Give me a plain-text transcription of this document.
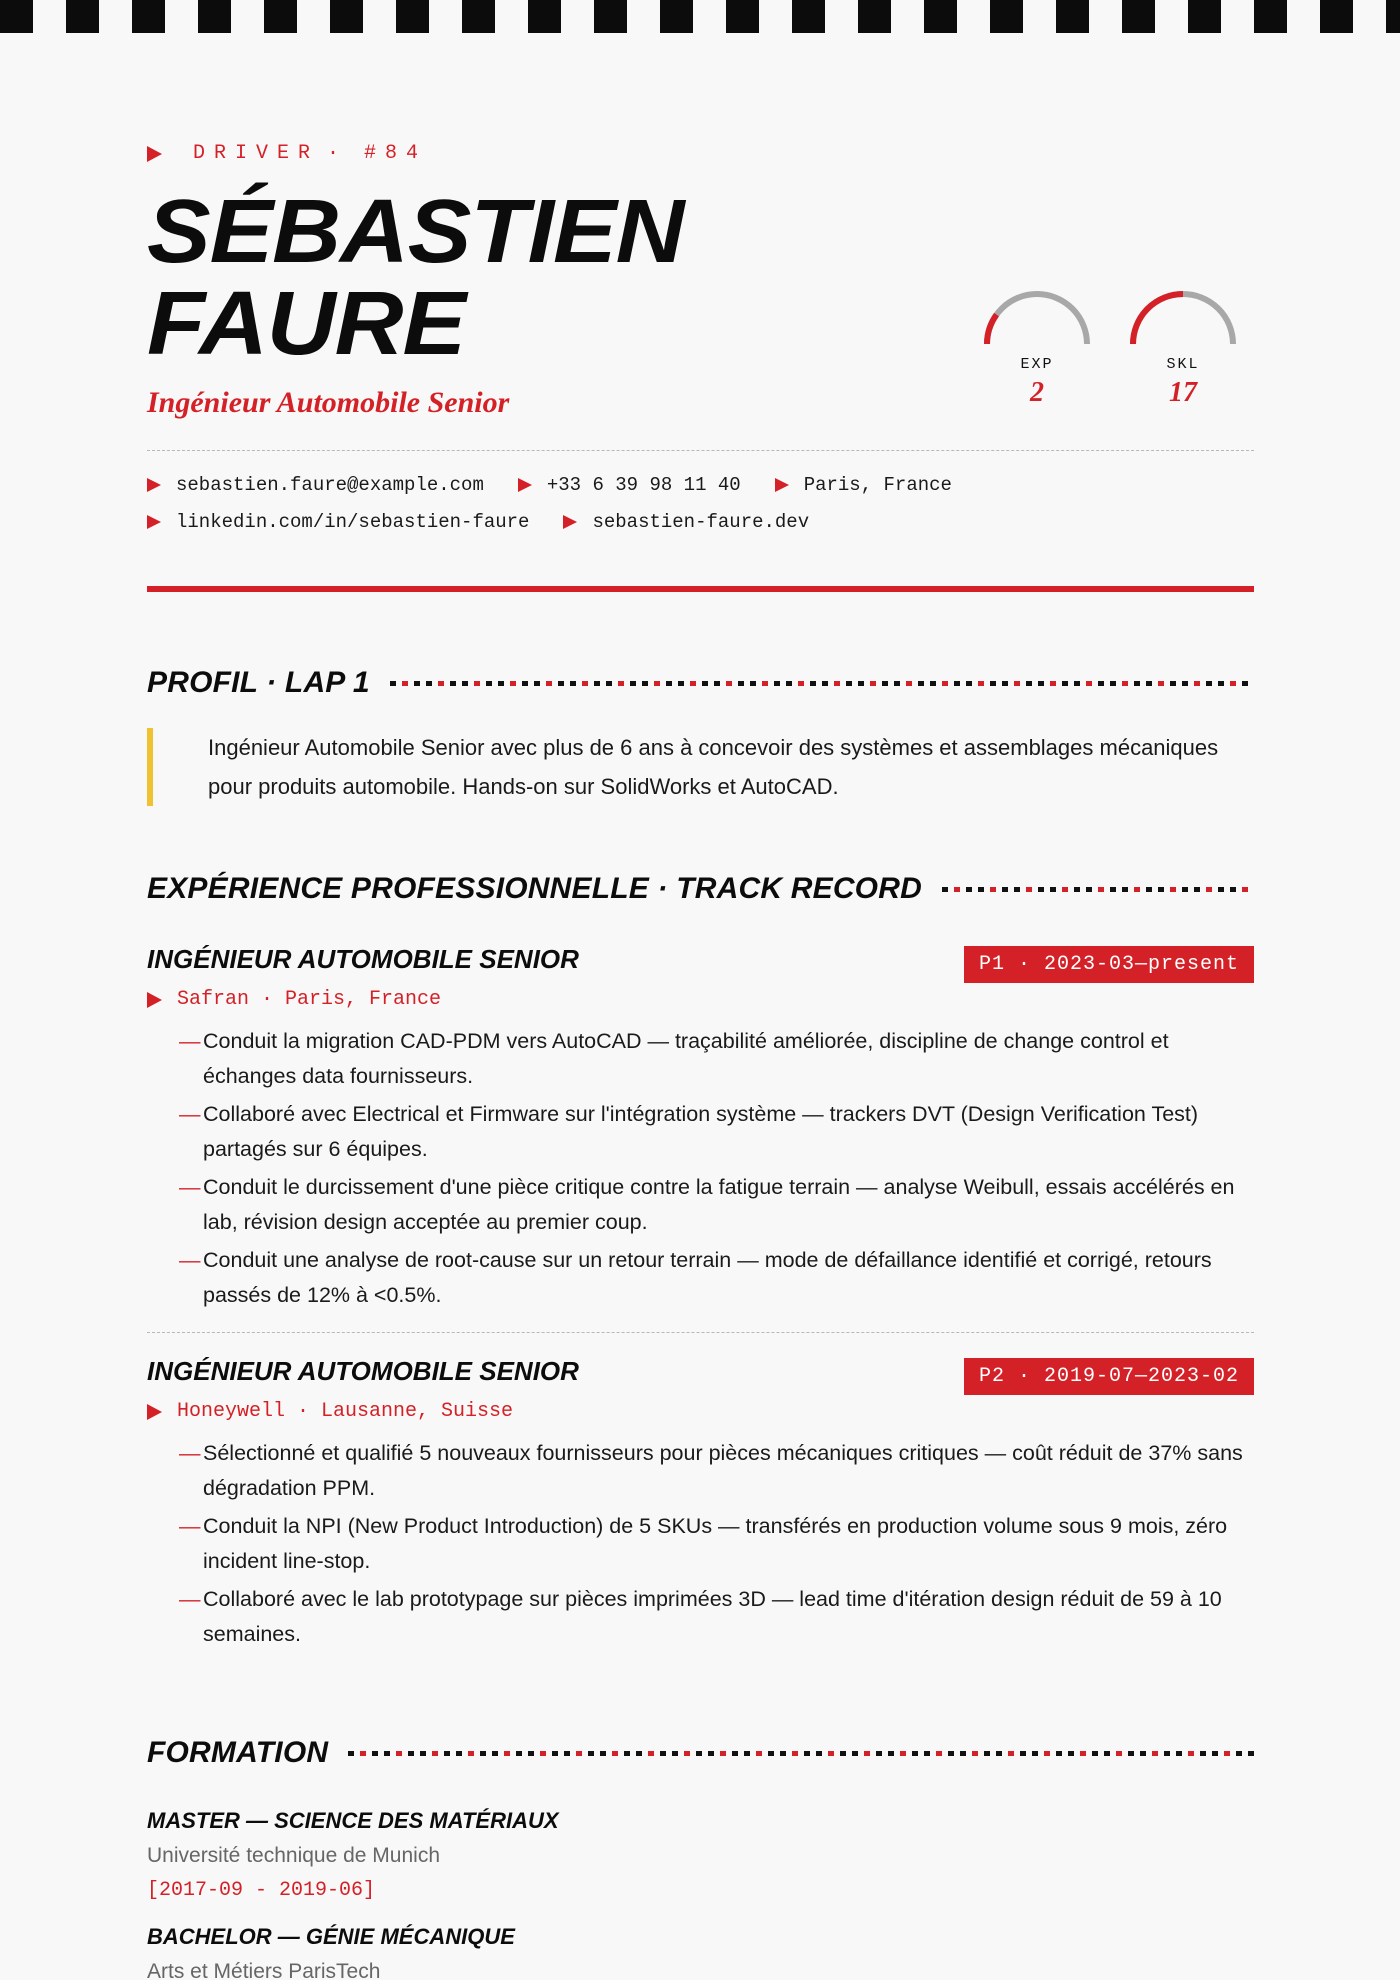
DRIVER · #84
SÉBASTIEN
FAURE
Ingénieur Automobile Senior
EXP
2
SKL
17
sebastien.faure@example.com	+33 6 39 98 11 40	Paris, France
linkedin.com/in/sebastien-faure	sebastien-faure.dev
PROFIL · LAP 1
Ingénieur Automobile Senior avec plus de 6 ans à concevoir des systèmes et assemblages mécaniques pour produits automobile. Hands-on sur SolidWorks et AutoCAD.
EXPÉRIENCE PROFESSIONNELLE · TRACK RECORD
INGÉNIEUR AUTOMOBILE SENIOR	P1 · 2023-03—present
Safran · Paris, France
— Conduit la migration CAD-PDM vers AutoCAD — traçabilité améliorée, discipline de change control et échanges data fournisseurs.
— Collaboré avec Electrical et Firmware sur l'intégration système — trackers DVT (Design Verification Test) partagés sur 6 équipes.
— Conduit le durcissement d'une pièce critique contre la fatigue terrain — analyse Weibull, essais accélérés en lab, révision design acceptée au premier coup.
— Conduit une analyse de root-cause sur un retour terrain — mode de défaillance identifié et corrigé, retours passés de 12% à <0.5%.
INGÉNIEUR AUTOMOBILE SENIOR	P2 · 2019-07—2023-02
Honeywell · Lausanne, Suisse
— Sélectionné et qualifié 5 nouveaux fournisseurs pour pièces mécaniques critiques — coût réduit de 37% sans dégradation PPM.
— Conduit la NPI (New Product Introduction) de 5 SKUs — transférés en production volume sous 9 mois, zéro incident line-stop.
— Collaboré avec le lab prototypage sur pièces imprimées 3D — lead time d'itération design réduit de 59 à 10 semaines.
FORMATION
MASTER — SCIENCE DES MATÉRIAUX
Université technique de Munich
[2017-09 - 2019-06]
BACHELOR — GÉNIE MÉCANIQUE
Arts et Métiers ParisTech
